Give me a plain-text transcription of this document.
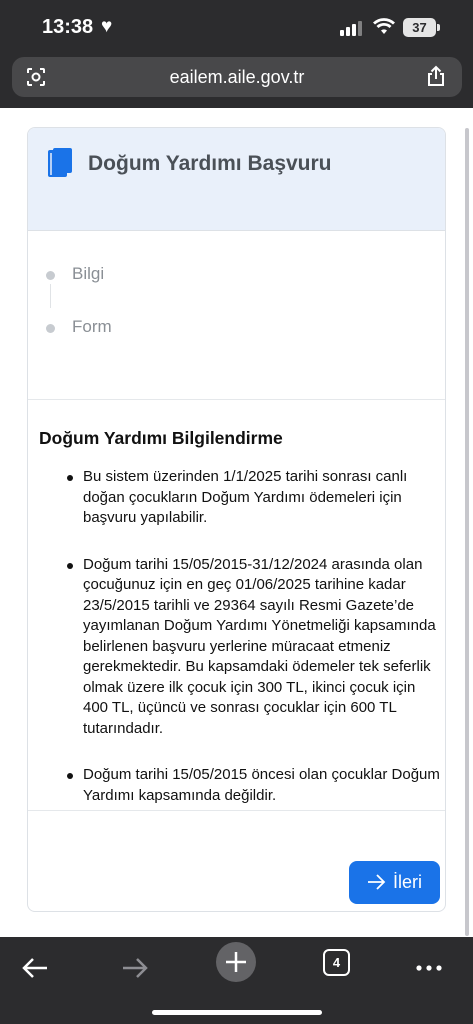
13:38 ♥	37
eailem.aile.gov.tr
Doğum Yardımı Başvuru
Bilgi
Form
Doğum Yardımı Bilgilendirme
Bu sistem üzerinden 1/1/2025 tarihi sonrası canlı doğan çocukların Doğum Yardımı ödemeleri için başvuru yapılabilir.
Doğum tarihi 15/05/2015-31/12/2024 arasında olan çocuğunuz için en geç 01/06/2025 tarihine kadar 23/5/2015 tarihli ve 29364 sayılı Resmi Gazete’de yayımlanan Doğum Yardımı Yönetmeliği kapsamında belirlenen başvuru yerlerine müracaat etmeniz gerekmektedir. Bu kapsamdaki ödemeler tek seferlik olmak üzere ilk çocuk için 300 TL, ikinci çocuk için 400 TL, üçüncü ve sonrası çocuklar için 600 TL tutarındadır.
Doğum tarihi 15/05/2015 öncesi olan çocuklar Doğum Yardımı kapsamında değildir.
İleri
4
